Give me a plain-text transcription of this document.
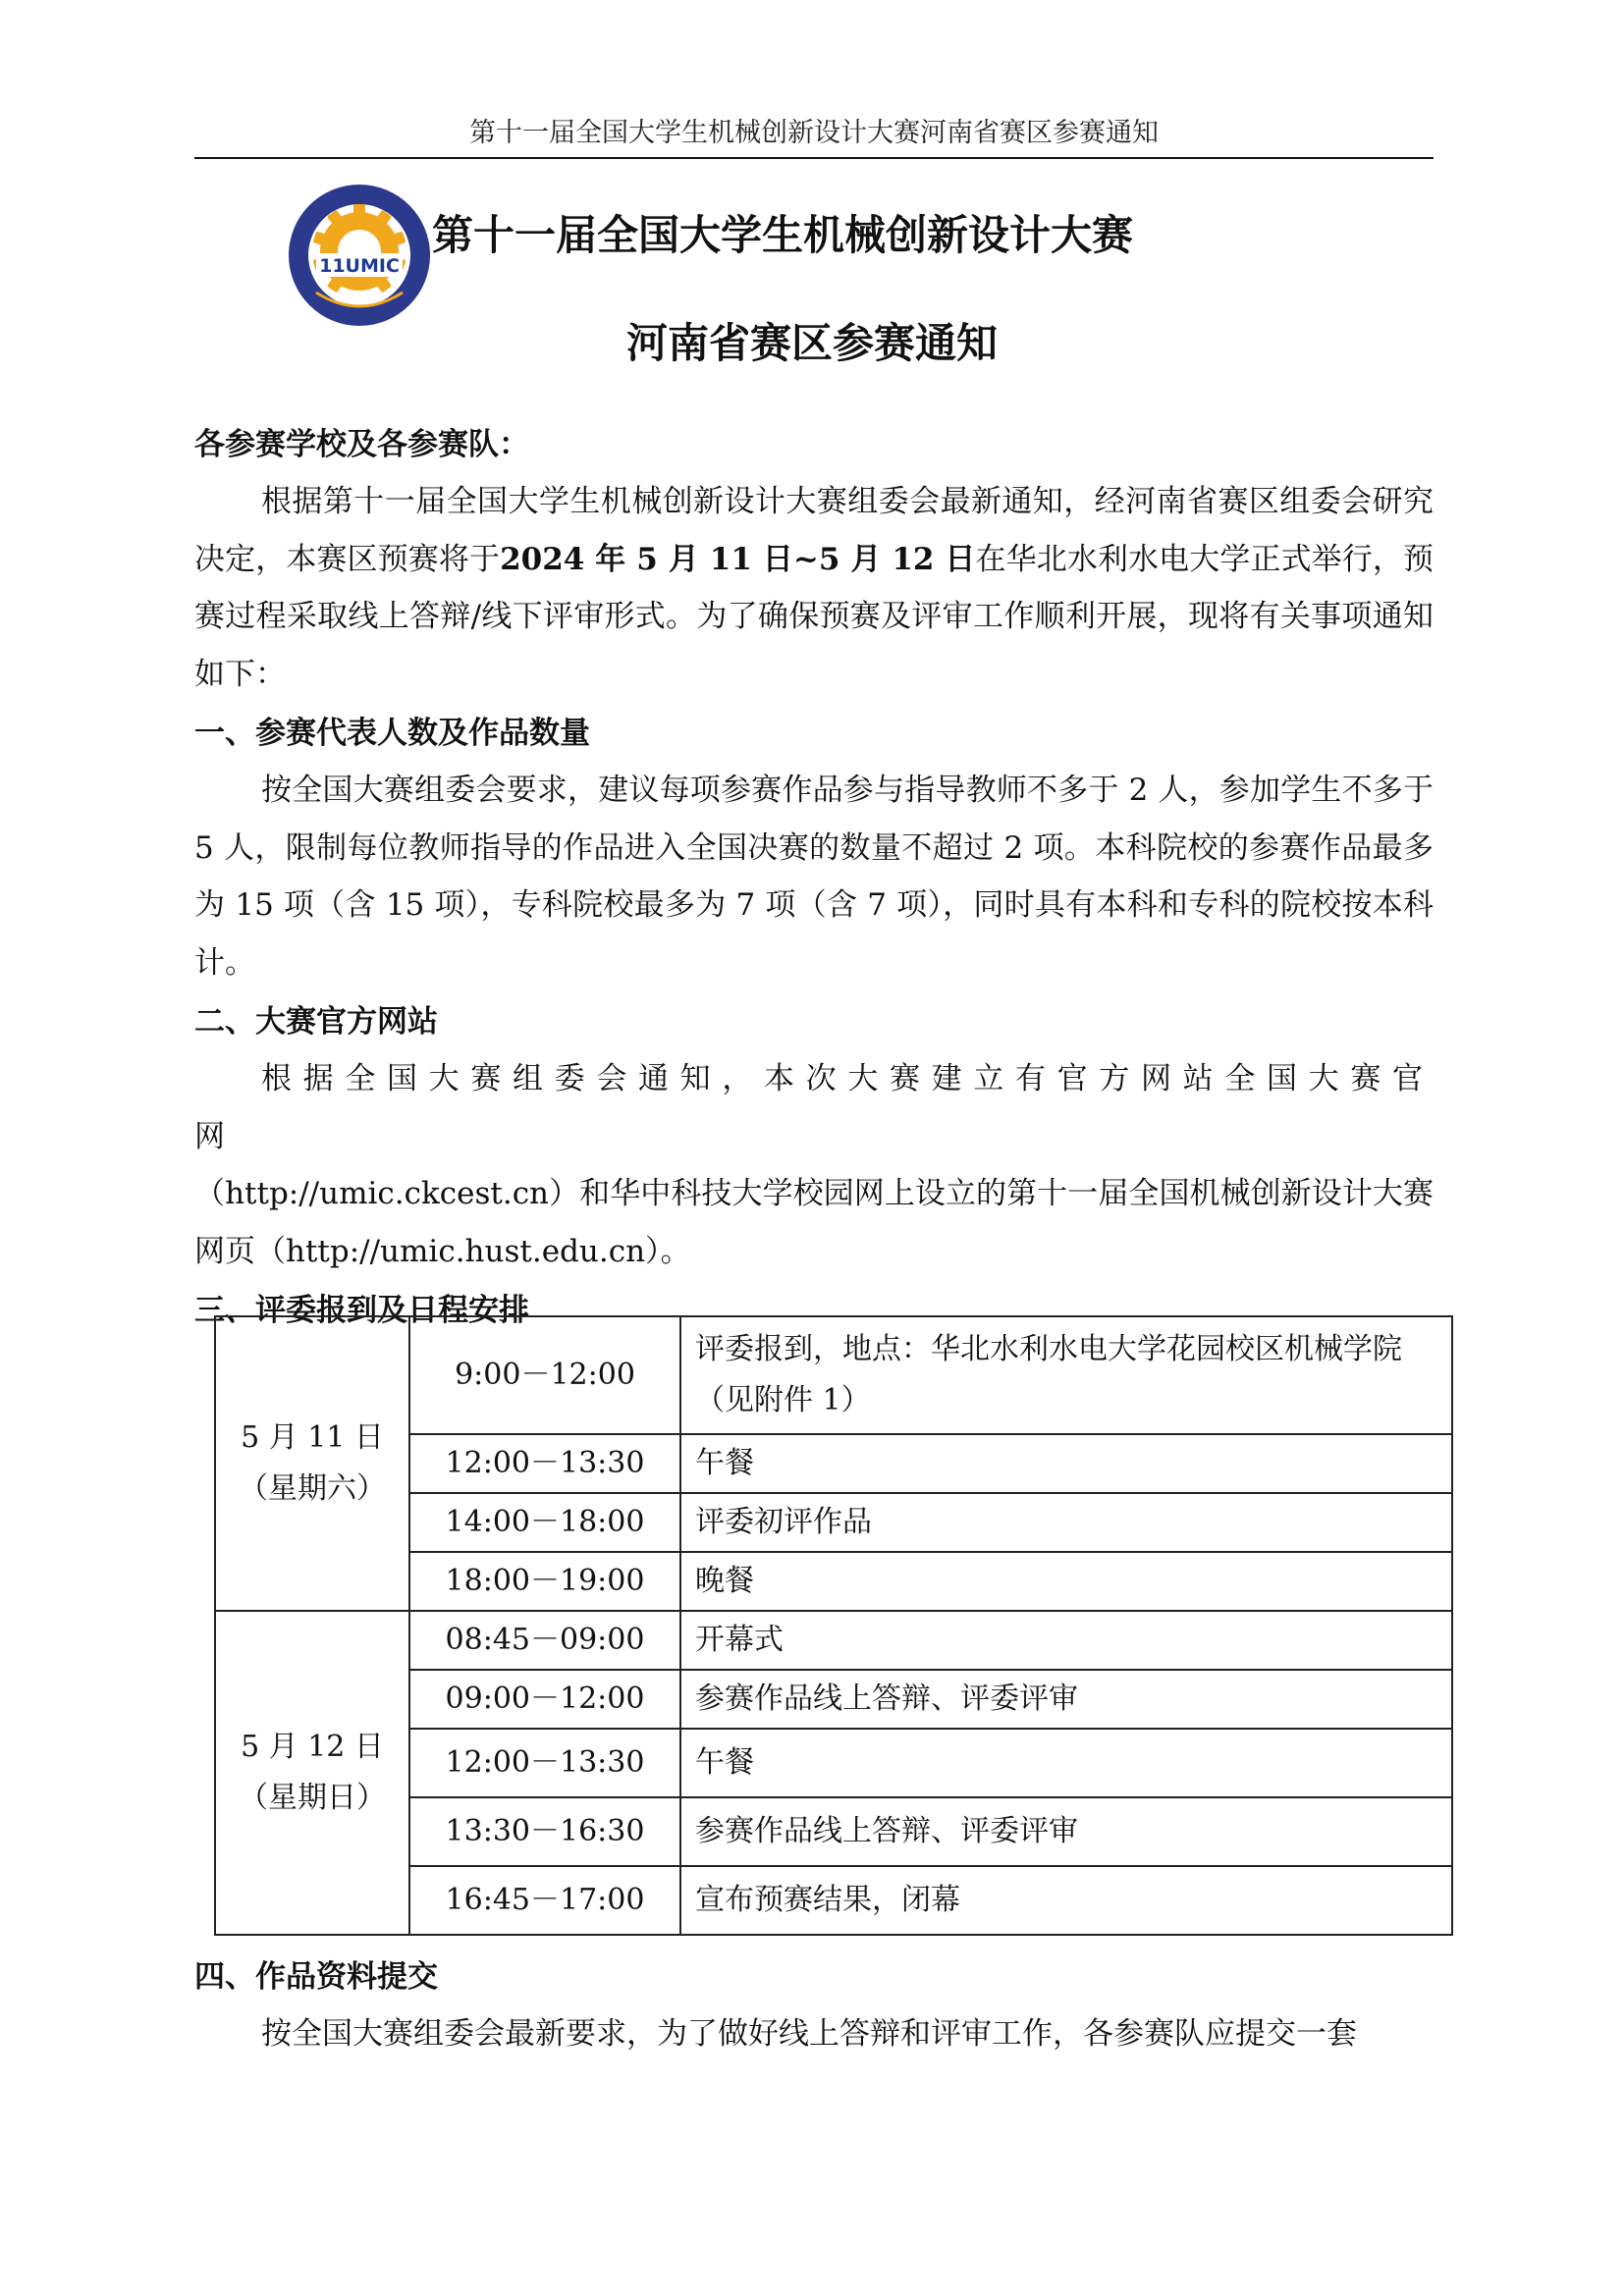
第十一届全国大学生机械创新设计大赛河南省赛区参赛通知
11UMIC
第十一届全国大学生机械创新设计大赛
河南省赛区参赛通知

各参赛学校及各参赛队：

根据第十一届全国大学生机械创新设计大赛组委会最新通知，经河南省赛区组委会研究决定，本赛区预赛将于2024 年 5 月 11 日~5 月 12 日在华北水利水电大学正式举行，预赛过程采取线上答辩/线下评审形式。为了确保预赛及评审工作顺利开展，现将有关事项通知如下：

一、参赛代表人数及作品数量

按全国大赛组委会要求，建议每项参赛作品参与指导教师不多于 2 人，参加学生不多于 5 人，限制每位教师指导的作品进入全国决赛的数量不超过 2 项。本科院校的参赛作品最多为 15 项（含 15 项），专科院校最多为 7 项（含 7 项），同时具有本科和专科的院校按本科计。

二、大赛官方网站

根据全国大赛组委会通知，本次大赛建立有官方网站全国大赛官网

（http://umic.ckcest.cn）和华中科技大学校园网上设立的第十一届全国机械创新设计大赛网页（http://umic.hust.edu.cn）。

三、评委报到及日程安排

5 月 11 日
（星期六）	9:00－12:00	评委报到，地点：华北水利水电大学花园校区机械学院（见附件 1）
	12:00－13:30	午餐
	14:00－18:00	评委初评作品
	18:00－19:00	晚餐

5 月 12 日
（星期日）	08:45－09:00	开幕式
	09:00－12:00	参赛作品线上答辩、评委评审
	12:00－13:30	午餐
	13:30－16:30	参赛作品线上答辩、评委评审
	16:45－17:00	宣布预赛结果，闭幕

四、作品资料提交

按全国大赛组委会最新要求，为了做好线上答辩和评审工作，各参赛队应提交一套
